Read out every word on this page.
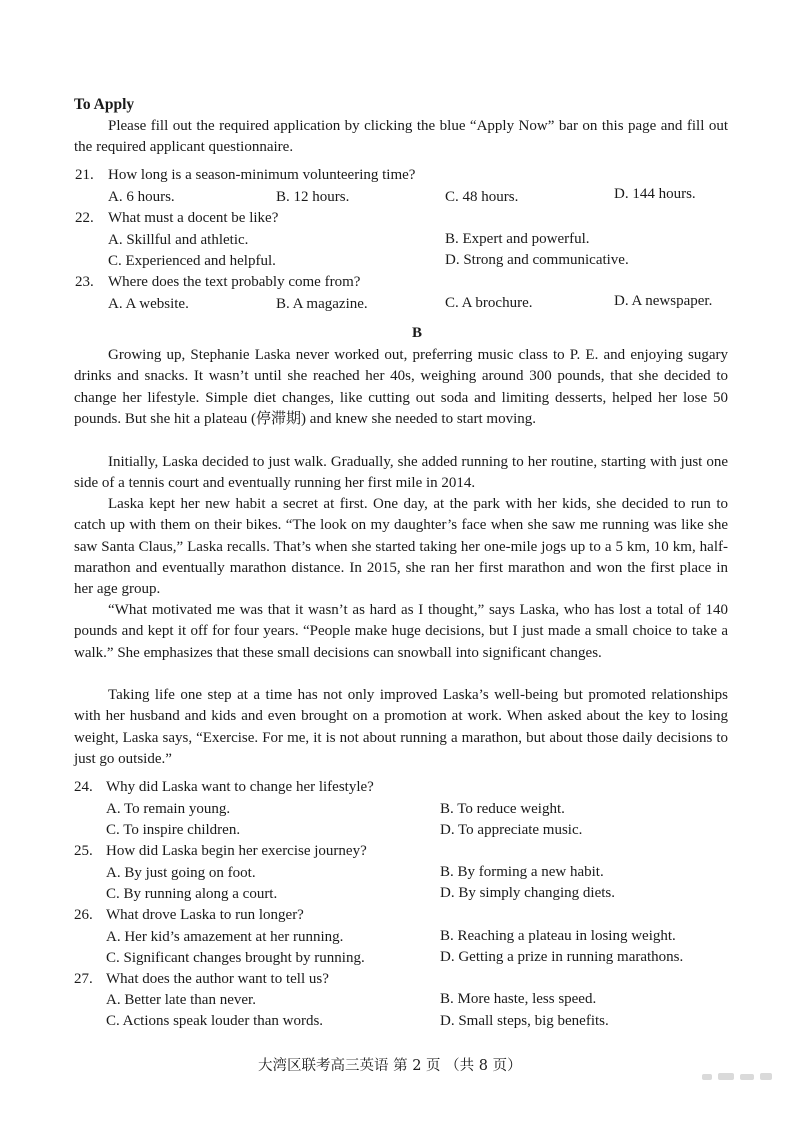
To Apply
Please fill out the required application by clicking the blue “Apply Now” bar on this page and fill out the required applicant questionnaire.
21. How long is a season-minimum volunteering time?
A. 6 hours.	B. 12 hours.	C. 48 hours.	D. 144 hours.
22. What must a docent be like?
A. Skillful and athletic.	B. Expert and powerful.
C. Experienced and helpful.	D. Strong and communicative.
23. Where does the text probably come from?
A. A website.	B. A magazine.	C. A brochure.	D. A newspaper.
B
Growing up, Stephanie Laska never worked out, preferring music class to P. E. and enjoying sugary drinks and snacks. It wasn’t until she reached her 40s, weighing around 300 pounds, that she decided to change her lifestyle. Simple diet changes, like cutting out soda and limiting desserts, helped her lose 50 pounds. But she hit a plateau (停滞期) and knew she needed to start moving.
Initially, Laska decided to just walk. Gradually, she added running to her routine, starting with just one side of a tennis court and eventually running her first mile in 2014.
Laska kept her new habit a secret at first. One day, at the park with her kids, she decided to run to catch up with them on their bikes. “The look on my daughter’s face when she saw me running was like she saw Santa Claus,” Laska recalls. That’s when she started taking her one-mile jogs up to a 5 km, 10 km, half-marathon and eventually marathon distance. In 2015, she ran her first marathon and won the first place in her age group.
“What motivated me was that it wasn’t as hard as I thought,” says Laska, who has lost a total of 140 pounds and kept it off for four years. “People make huge decisions, but I just made a small choice to take a walk.” She emphasizes that these small decisions can snowball into significant changes.
Taking life one step at a time has not only improved Laska’s well-being but promoted relationships with her husband and kids and even brought on a promotion at work. When asked about the key to losing weight, Laska says, “Exercise. For me, it is not about running a marathon, but about those daily decisions to just go outside.”
24. Why did Laska want to change her lifestyle?
A. To remain young.	B. To reduce weight.
C. To inspire children.	D. To appreciate music.
25. How did Laska begin her exercise journey?
A. By just going on foot.	B. By forming a new habit.
C. By running along a court.	D. By simply changing diets.
26. What drove Laska to run longer?
A. Her kid’s amazement at her running.	B. Reaching a plateau in losing weight.
C. Significant changes brought by running.	D. Getting a prize in running marathons.
27. What does the author want to tell us?
A. Better late than never.	B. More haste, less speed.
C. Actions speak louder than words.	D. Small steps, big benefits.
大湾区联考高三英语 第 2 页 （共 8 页）
